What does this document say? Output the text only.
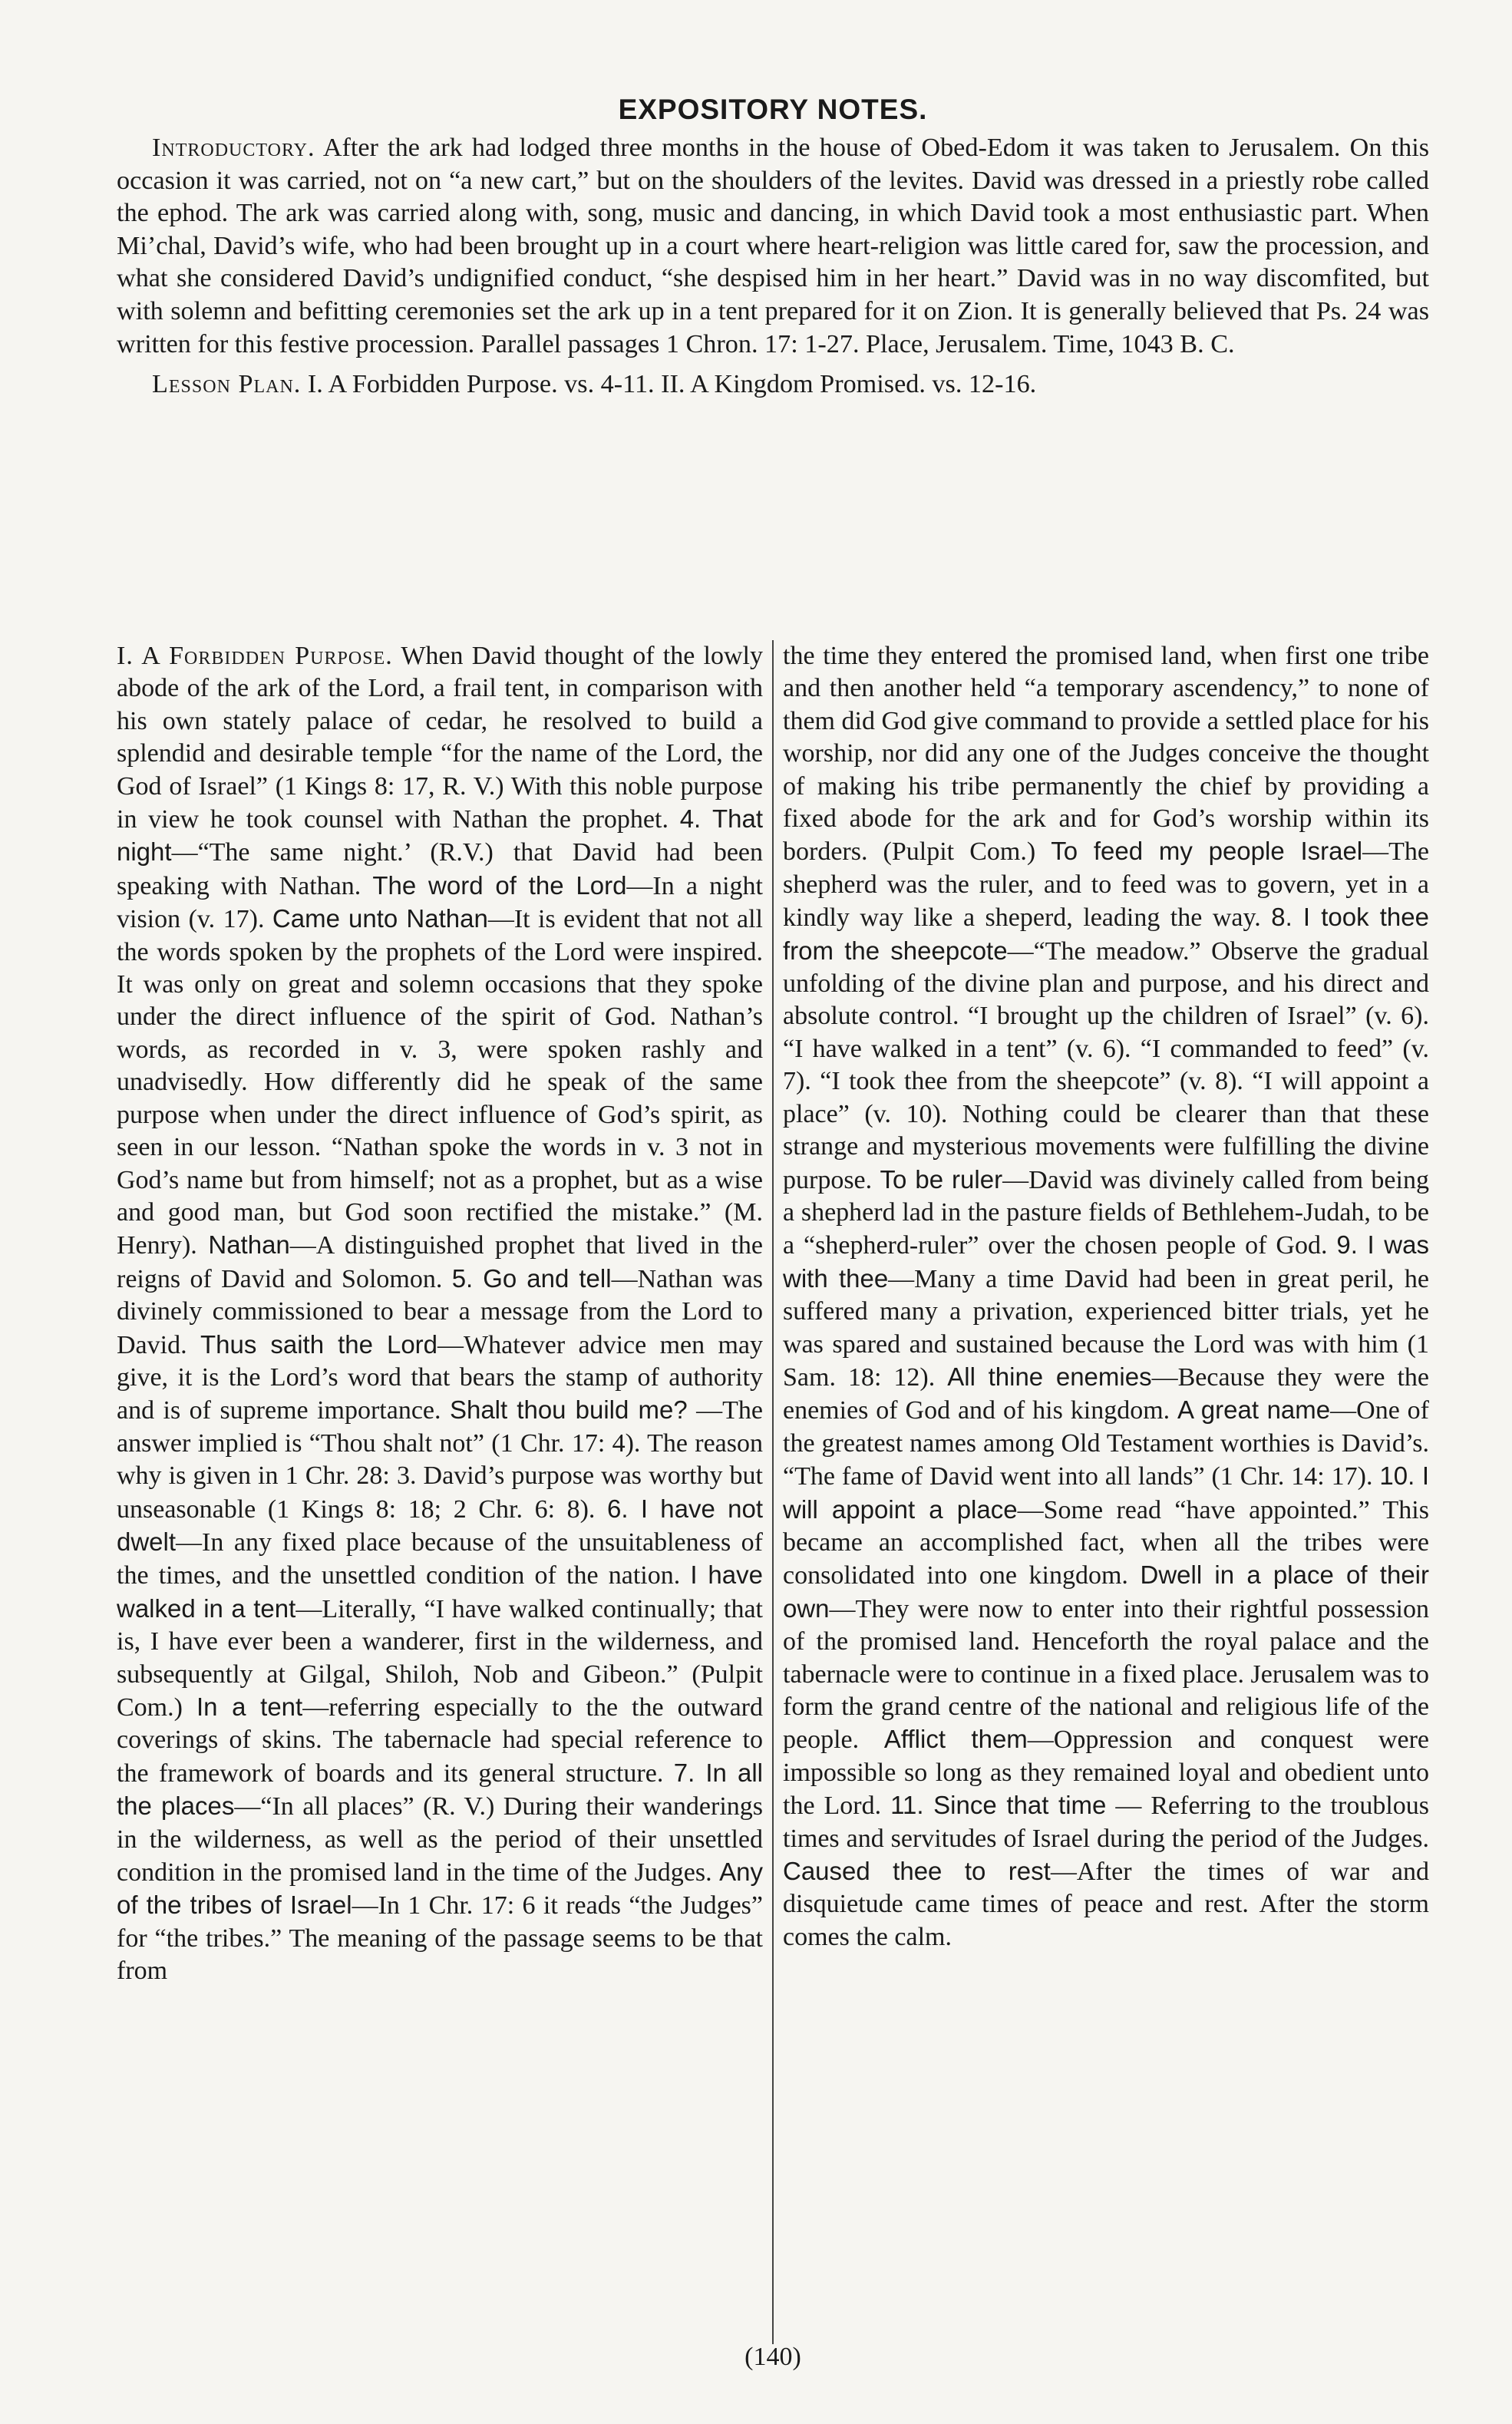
EXPOSITORY NOTES.

Introductory. After the ark had lodged three months in the house of Obed-Edom it was taken to Jerusalem. On this occasion it was carried, not on “a new cart,” but on the shoulders of the levites. David was dressed in a priestly robe called the ephod. The ark was carried along with, song, music and dancing, in which David took a most enthusiastic part. When Mi’chal, David’s wife, who had been brought up in a court where heart-religion was little cared for, saw the procession, and what she considered David’s undignified conduct, “she despised him in her heart.” David was in no way discomfited, but with solemn and befitting ceremonies set the ark up in a tent prepared for it on Zion. It is generally believed that Ps. 24 was written for this festive procession. Parallel passages 1 Chron. 17: 1-27. Place, Jerusalem. Time, 1043 B. C.

Lesson Plan. I. A Forbidden Purpose. vs. 4-11. II. A Kingdom Promised. vs. 12-16.

I. A Forbidden Purpose. When David thought of the lowly abode of the ark of the Lord, a frail tent, in comparison with his own stately palace of cedar, he resolved to build a splendid and desirable temple “for the name of the Lord, the God of Israel” (1 Kings 8: 17, R. V.) With this noble purpose in view he took counsel with Nathan the prophet. 4. That night—“The same night.’ (R.V.) that David had been speaking with Nathan. The word of the Lord—In a night vision (v. 17). Came unto Nathan—It is evident that not all the words spoken by the prophets of the Lord were inspired. It was only on great and solemn occasions that they spoke under the direct influence of the spirit of God. Nathan’s words, as recorded in v. 3, were spoken rashly and unadvisedly. How differently did he speak of the same purpose when under the direct influence of God’s spirit, as seen in our lesson. “Nathan spoke the words in v. 3 not in God’s name but from himself; not as a prophet, but as a wise and good man, but God soon rectified the mistake.” (M. Henry). Nathan—A distinguished prophet that lived in the reigns of David and Solomon. 5. Go and tell—Nathan was divinely commissioned to bear a message from the Lord to David. Thus saith the Lord—Whatever advice men may give, it is the Lord’s word that bears the stamp of authority and is of supreme importance. Shalt thou build me? —The answer implied is “Thou shalt not” (1 Chr. 17: 4). The reason why is given in 1 Chr. 28: 3. David’s purpose was worthy but unseasonable (1 Kings 8: 18; 2 Chr. 6: 8). 6. I have not dwelt—In any fixed place because of the unsuitableness of the times, and the unsettled condition of the nation. I have walked in a tent—Literally, “I have walked continually; that is, I have ever been a wanderer, first in the wilderness, and subsequently at Gilgal, Shiloh, Nob and Gibeon.” (Pulpit Com.) In a tent—referring especially to the the outward coverings of skins. The tabernacle had special reference to the framework of boards and its general structure. 7. In all the places—“In all places” (R. V.) During their wanderings in the wilderness, as well as the period of their unsettled condition in the promised land in the time of the Judges. Any of the tribes of Israel—In 1 Chr. 17: 6 it reads “the Judges” for “the tribes.” The meaning of the passage seems to be that from

the time they entered the promised land, when first one tribe and then another held “a temporary ascendency,” to none of them did God give command to provide a settled place for his worship, nor did any one of the Judges conceive the thought of making his tribe permanently the chief by providing a fixed abode for the ark and for God’s worship within its borders. (Pulpit Com.) To feed my people Israel—The shepherd was the ruler, and to feed was to govern, yet in a kindly way like a sheperd, leading the way. 8. I took thee from the sheepcote—“The meadow.” Observe the gradual unfolding of the divine plan and purpose, and his direct and absolute control. “I brought up the children of Israel” (v. 6). “I have walked in a tent” (v. 6). “I commanded to feed” (v. 7). “I took thee from the sheepcote” (v. 8). “I will appoint a place” (v. 10). Nothing could be clearer than that these strange and mysterious movements were fulfilling the divine purpose. To be ruler—David was divinely called from being a shepherd lad in the pasture fields of Bethlehem-Judah, to be a “shepherd-ruler” over the chosen people of God. 9. I was with thee—Many a time David had been in great peril, he suffered many a privation, experienced bitter trials, yet he was spared and sustained because the Lord was with him (1 Sam. 18: 12). All thine enemies—Because they were the enemies of God and of his kingdom. A great name—One of the greatest names among Old Testament worthies is David’s. “The fame of David went into all lands” (1 Chr. 14: 17). 10. I will appoint a place—Some read “have appointed.” This became an accomplished fact, when all the tribes were consolidated into one kingdom. Dwell in a place of their own—They were now to enter into their rightful possession of the promised land. Henceforth the royal palace and the tabernacle were to continue in a fixed place. Jerusalem was to form the grand centre of the national and religious life of the people. Afflict them—Oppression and conquest were impossible so long as they remained loyal and obedient unto the Lord. 11. Since that time — Referring to the troublous times and servitudes of Israel during the period of the Judges. Caused thee to rest—After the times of war and disquietude came times of peace and rest. After the storm comes the calm.

(140)
